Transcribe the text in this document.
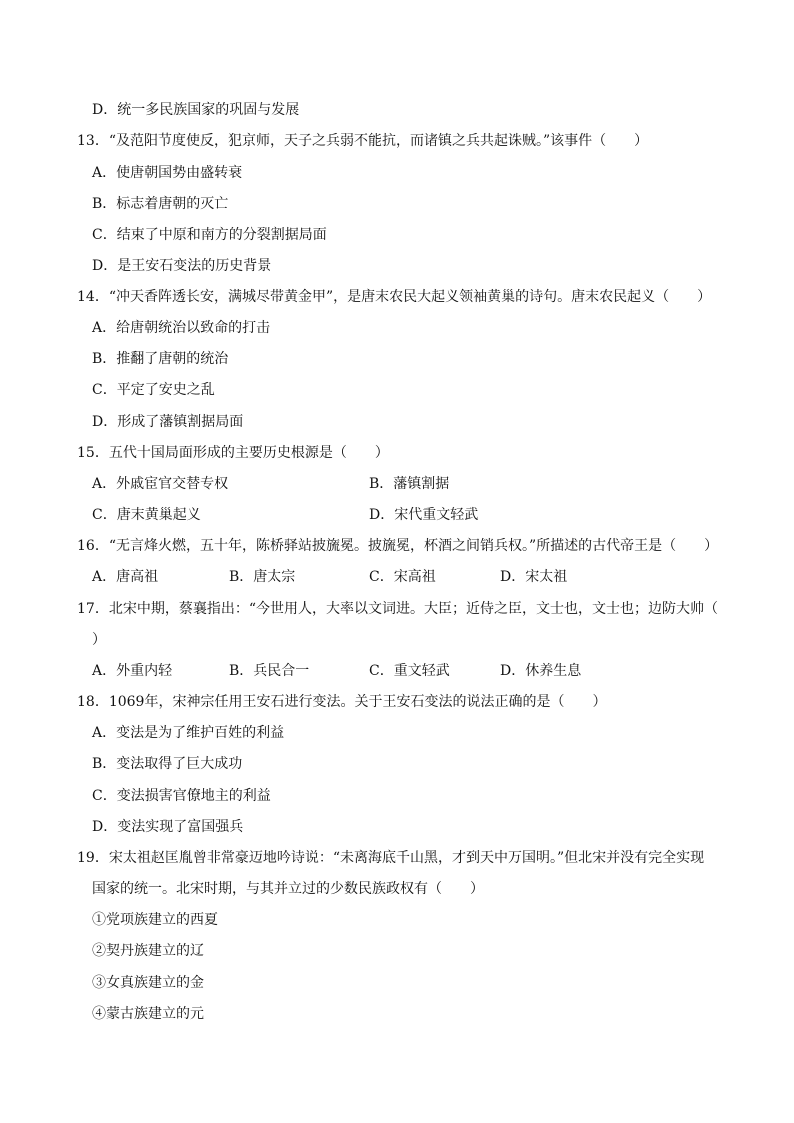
D．统一多民族国家的巩固与发展
13．“及范阳节度使反，犯京师，天子之兵弱不能抗，而诸镇之兵共起诛贼。”该事件（　　）
A．使唐朝国势由盛转衰
B．标志着唐朝的灭亡
C．结束了中原和南方的分裂割据局面
D．是王安石变法的历史背景
14．“冲天香阵透长安，满城尽带黄金甲”，是唐末农民大起义领袖黄巢的诗句。唐末农民起义（　　）
A．给唐朝统治以致命的打击
B．推翻了唐朝的统治
C．平定了安史之乱
D．形成了藩镇割据局面
15．五代十国局面形成的主要历史根源是（　　）
A．外戚宦官交替专权	B．藩镇割据
C．唐末黄巢起义	D．宋代重文轻武
16．“无言烽火燃，五十年，陈桥驿站披旒冕。披旒冕，杯酒之间销兵权。”所描述的古代帝王是（　　）
A．唐高祖	B．唐太宗	C．宋高祖	D．宋太祖
17．北宋中期，蔡襄指出：“今世用人，大率以文词进。大臣；近侍之臣，文士也，文士也；边防大帅（
）
A．外重内轻	B．兵民合一	C．重文轻武	D．休养生息
18．1069年，宋神宗任用王安石进行变法。关于王安石变法的说法正确的是（　　）
A．变法是为了维护百姓的利益
B．变法取得了巨大成功
C．变法损害官僚地主的利益
D．变法实现了富国强兵
19．宋太祖赵匡胤曾非常豪迈地吟诗说：“未离海底千山黑，才到天中万国明。”但北宋并没有完全实现
国家的统一。北宋时期，与其并立过的少数民族政权有（　　）
①党项族建立的西夏
②契丹族建立的辽
③女真族建立的金
④蒙古族建立的元
